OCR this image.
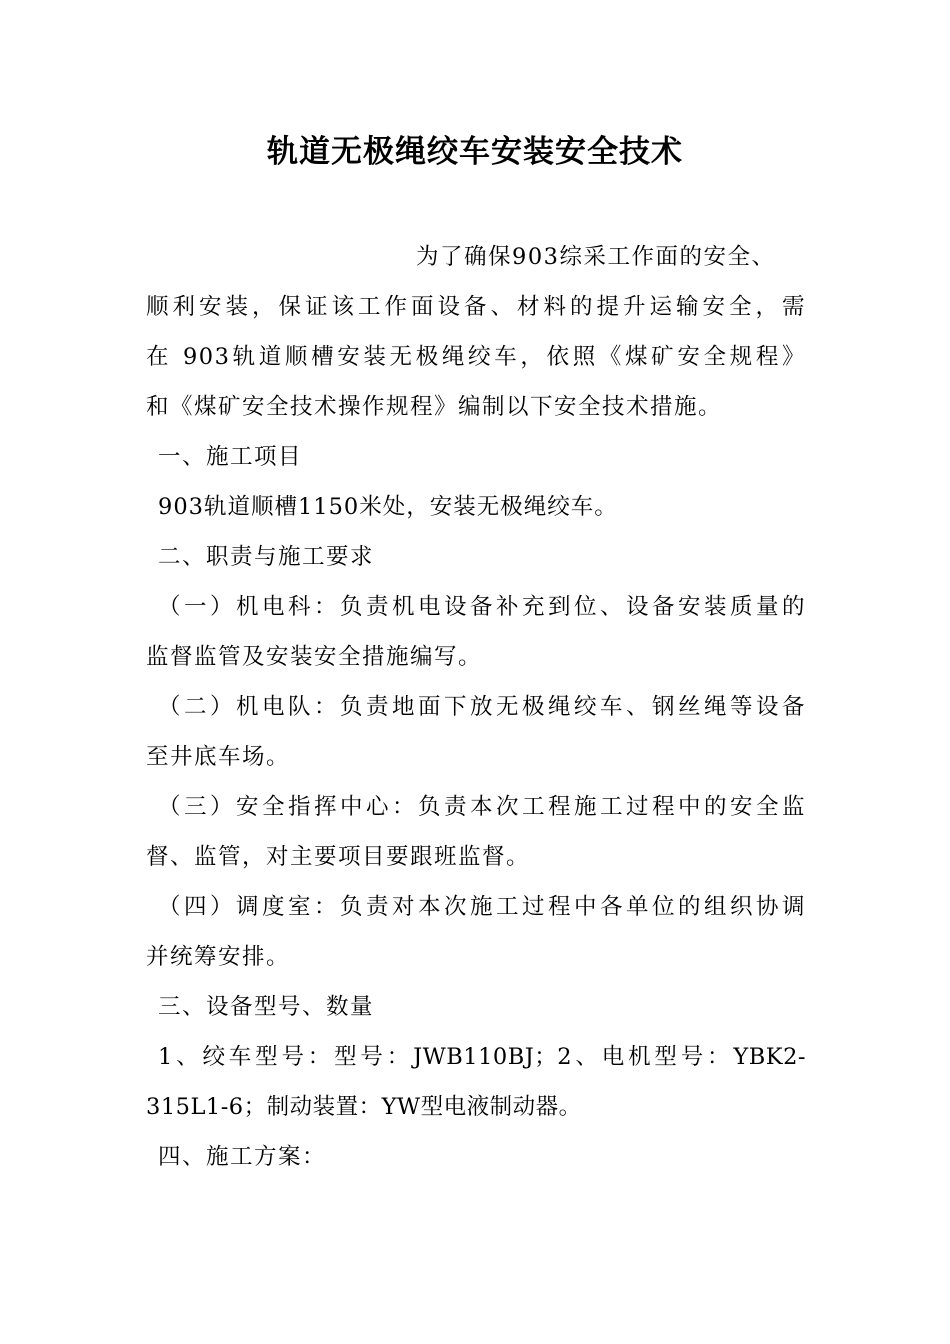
轨道无极绳绞车安装安全技术
为了确保903综采工作面的安全、
顺利安装，保证该工作面设备、材料的提升运输安全，需
在 903轨道顺槽安装无极绳绞车，依照《煤矿安全规程》
和《煤矿安全技术操作规程》编制以下安全技术措施。
一、施工项目
903轨道顺槽1150米处，安装无极绳绞车。
二、职责与施工要求
（一）机电科：负责机电设备补充到位、设备安装质量的
监督监管及安装安全措施编写。
（二）机电队：负责地面下放无极绳绞车、钢丝绳等设备
至井底车场。
（三）安全指挥中心：负责本次工程施工过程中的安全监
督、监管，对主要项目要跟班监督。
（四）调度室：负责对本次施工过程中各单位的组织协调
并统筹安排。
三、设备型号、数量
1、绞车型号：型号：JWB110BJ；2、电机型号：YBK2-
315L1-6；制动装置：YW型电液制动器。
四、施工方案：
